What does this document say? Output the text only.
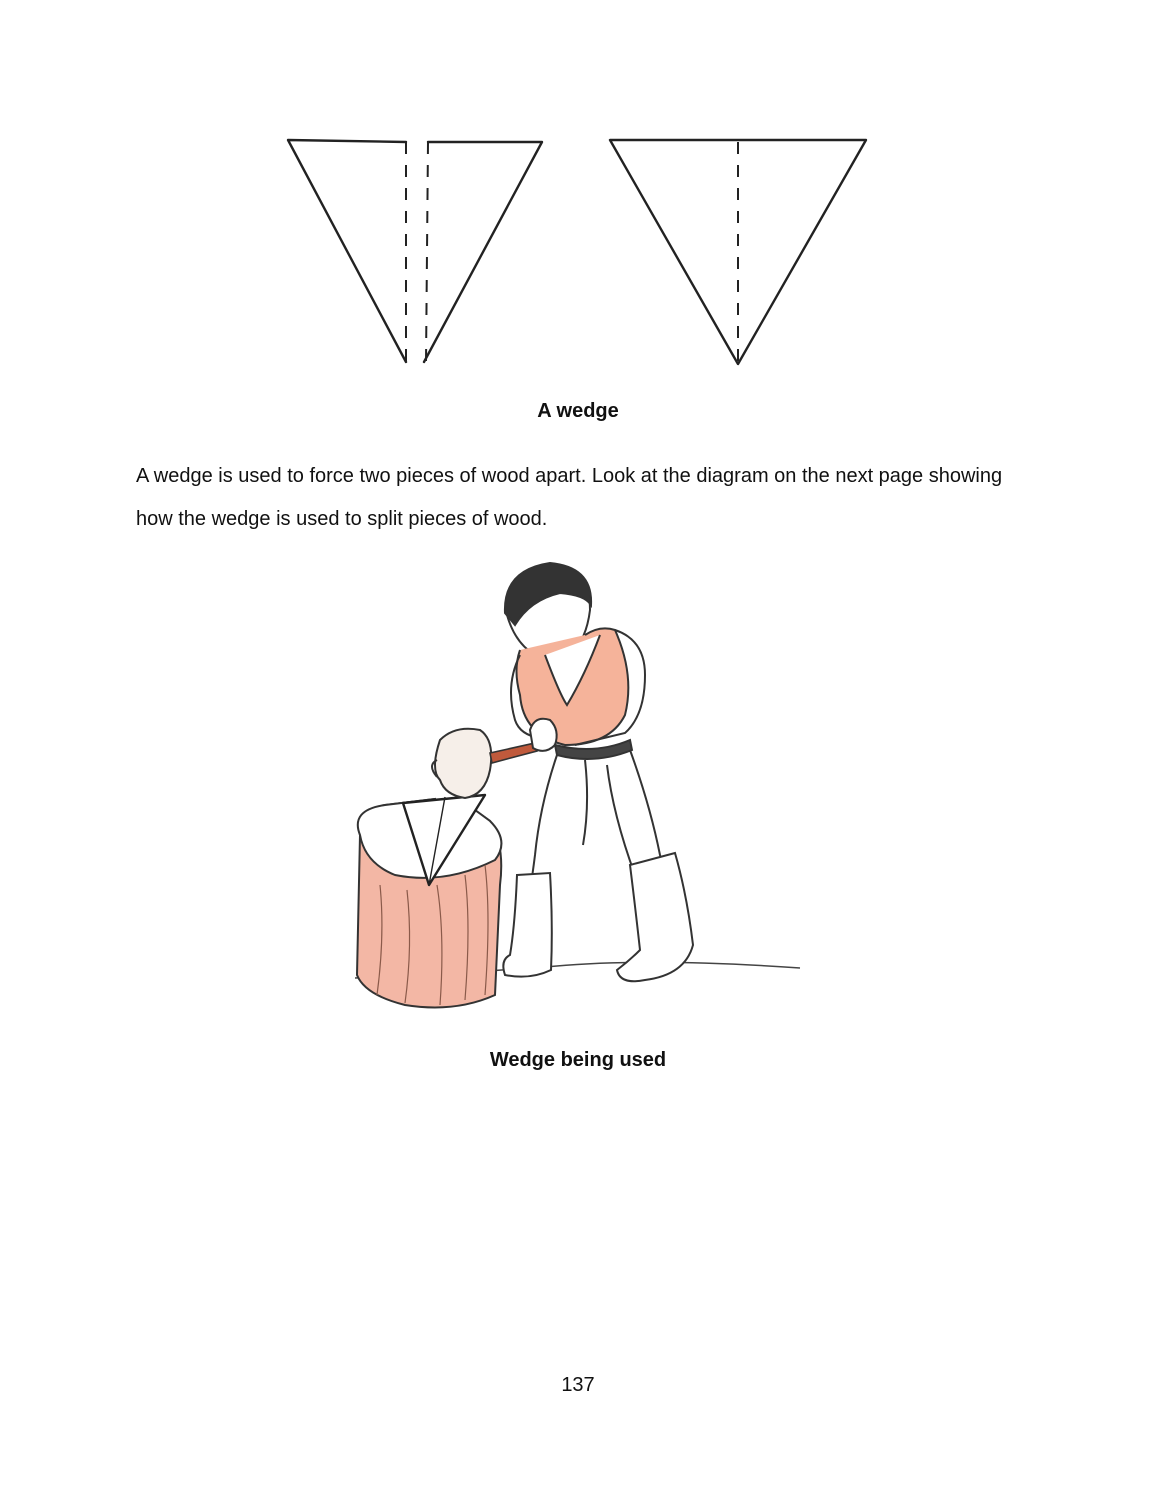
A wedge

A wedge is used to force two pieces of wood apart. Look at the diagram on the next page showing how the wedge is used to split pieces of wood.

Wedge being used
137
